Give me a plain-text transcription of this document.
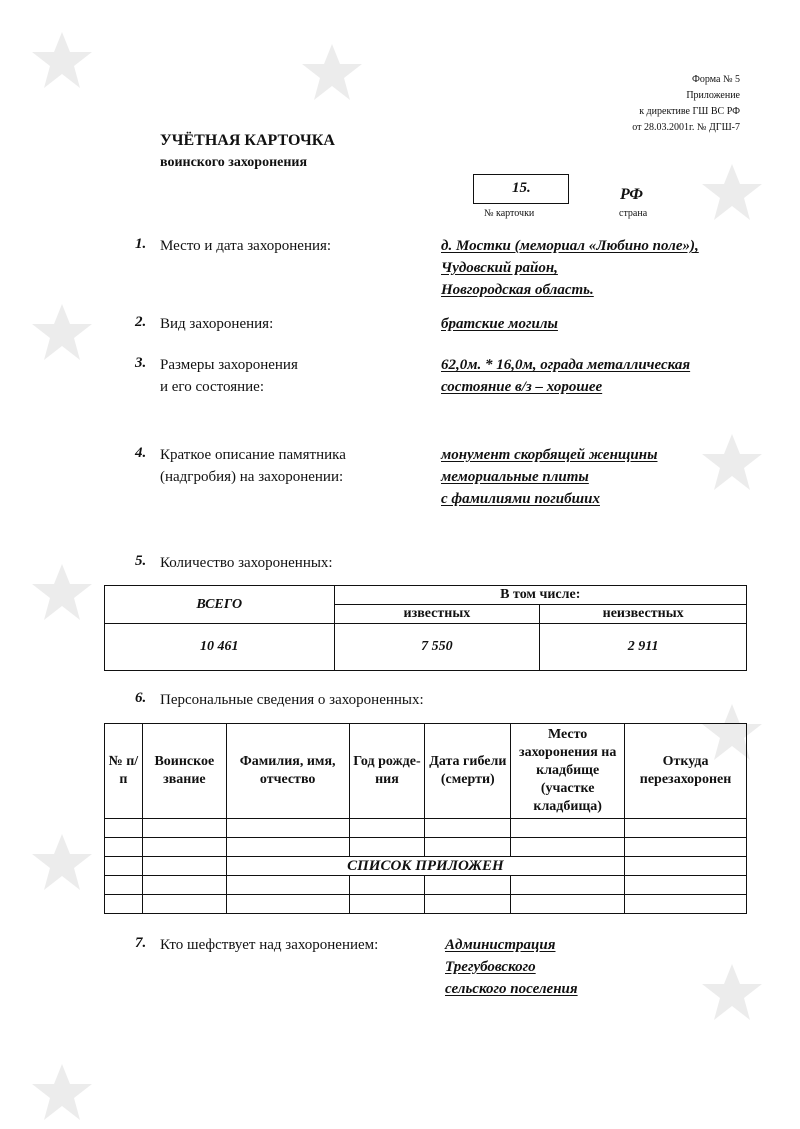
Форма № 5
Приложение
к директиве ГШ ВС РФ
от 28.03.2001г. № ДГШ-7
УЧЁТНАЯ КАРТОЧКА
воинского захоронения
15.
№ карточки
РФ
страна
1. Место и дата захоронения:	д. Мостки (мемориал «Любино поле»),
Чудовский район,
Новгородская область.
2. Вид захоронения:	братские могилы
3. Размеры захоронения
и его состояние:
62,0м. * 16,0м, ограда металлическая
состояние в/з – хорошее
4. Краткое описание памятника
(надгробия) на захоронении:
монумент скорбящей женщины
мемориальные плиты
с фамилиями погибших
5. Количество захороненных:
ВСЕГО	В том числе:	
	известных	неизвестных
10 461	7 550	2 911
6. Персональные сведения о захороненных:
№ п/п	Воинское звание	Фамилия, имя, отчество	Год рожде-ния	Дата гибели (смерти)	Место захоронения на кладбище (участке кладбища)	Откуда перезахоронен

		СПИСОК ПРИЛОЖЕН				

7. Кто шефствует над захоронением:	Администрация
Трегубовского
сельского поселения
